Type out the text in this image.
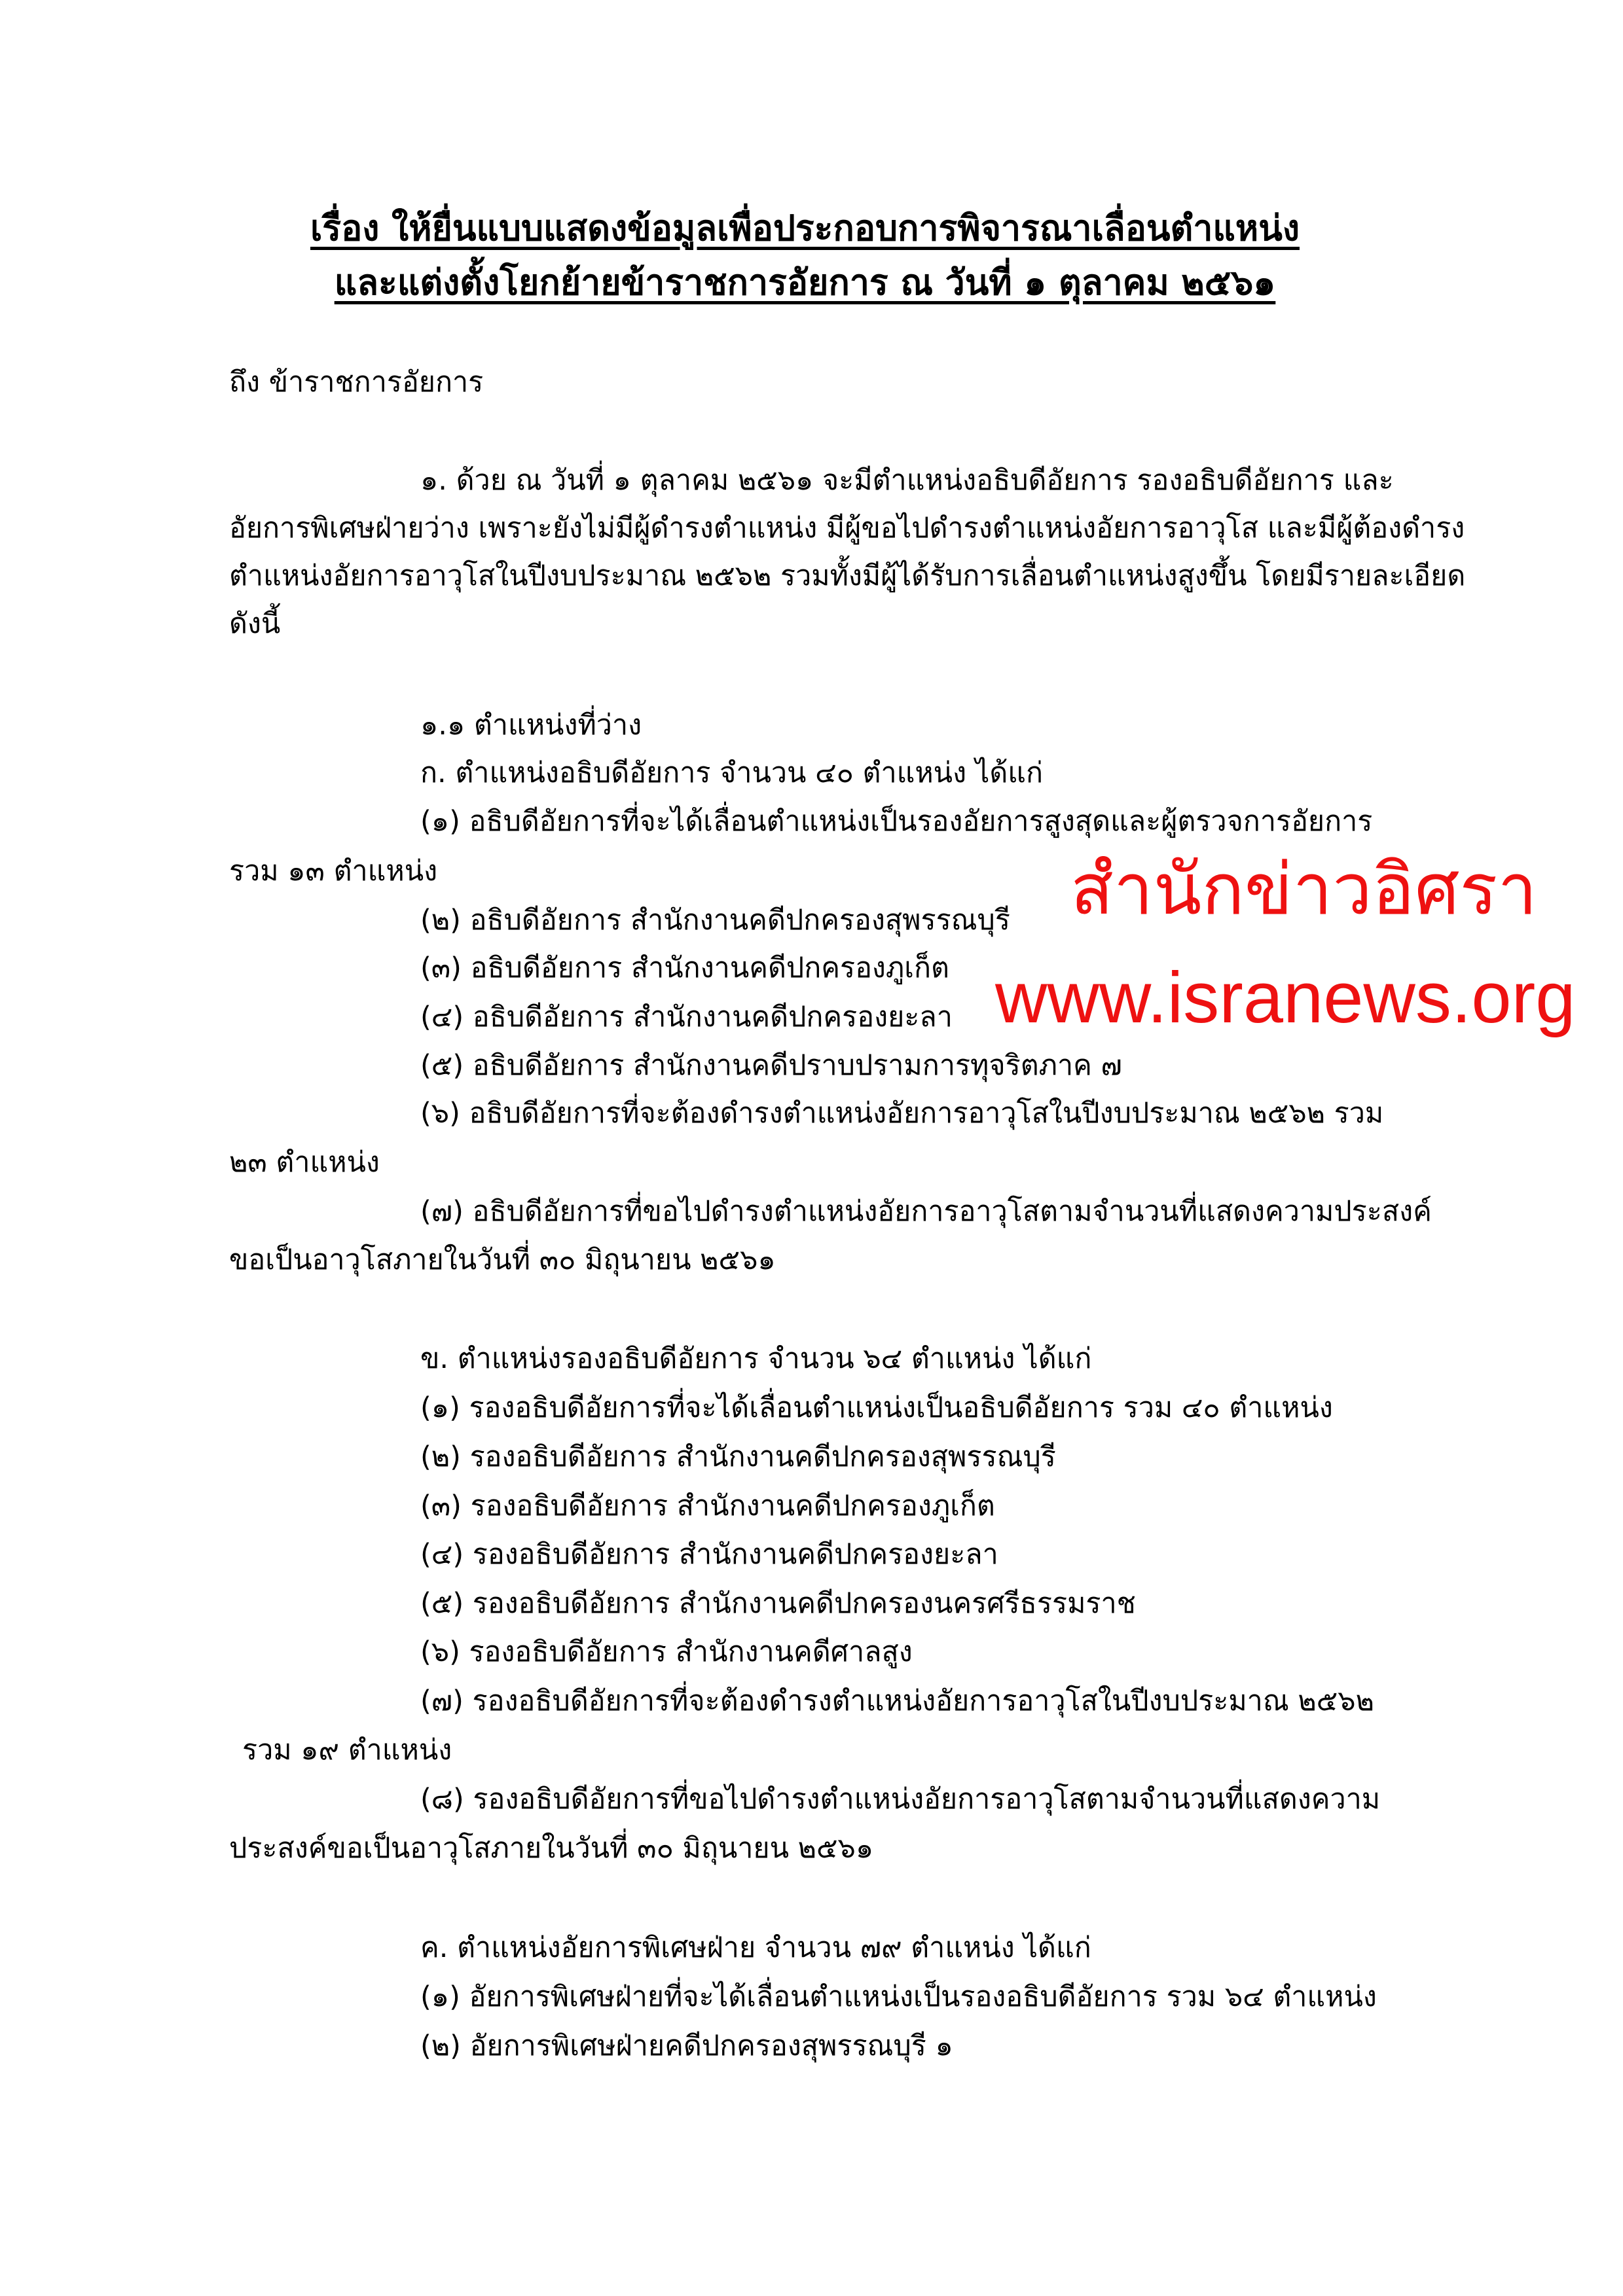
เรื่อง ให้ยื่นแบบแสดงข้อมูลเพื่อประกอบการพิจารณาเลื่อนตำแหน่ง
และแต่งตั้งโยกย้ายข้าราชการอัยการ ณ วันที่ ๑ ตุลาคม ๒๕๖๑
ถึง ข้าราชการอัยการ
๑. ด้วย ณ วันที่ ๑ ตุลาคม ๒๕๖๑ จะมีตำแหน่งอธิบดีอัยการ รองอธิบดีอัยการ และ
อัยการพิเศษฝ่ายว่าง เพราะยังไม่มีผู้ดำรงตำแหน่ง มีผู้ขอไปดำรงตำแหน่งอัยการอาวุโส และมีผู้ต้องดำรง
ตำแหน่งอัยการอาวุโสในปีงบประมาณ ๒๕๖๒ รวมทั้งมีผู้ได้รับการเลื่อนตำแหน่งสูงขึ้น โดยมีรายละเอียด
ดังนี้
๑.๑ ตำแหน่งที่ว่าง
ก. ตำแหน่งอธิบดีอัยการ จำนวน ๔๐ ตำแหน่ง ได้แก่
(๑) อธิบดีอัยการที่จะได้เลื่อนตำแหน่งเป็นรองอัยการสูงสุดและผู้ตรวจการอัยการ
รวม ๑๓ ตำแหน่ง
(๒) อธิบดีอัยการ สำนักงานคดีปกครองสุพรรณบุรี
(๓) อธิบดีอัยการ สำนักงานคดีปกครองภูเก็ต
(๔) อธิบดีอัยการ สำนักงานคดีปกครองยะลา
(๕) อธิบดีอัยการ สำนักงานคดีปราบปรามการทุจริตภาค ๗
(๖) อธิบดีอัยการที่จะต้องดำรงตำแหน่งอัยการอาวุโสในปีงบประมาณ ๒๕๖๒ รวม
๒๓ ตำแหน่ง
(๗) อธิบดีอัยการที่ขอไปดำรงตำแหน่งอัยการอาวุโสตามจำนวนที่แสดงความประสงค์
ขอเป็นอาวุโสภายในวันที่ ๓๐ มิถุนายน ๒๕๖๑
ข. ตำแหน่งรองอธิบดีอัยการ จำนวน ๖๔ ตำแหน่ง ได้แก่
(๑) รองอธิบดีอัยการที่จะได้เลื่อนตำแหน่งเป็นอธิบดีอัยการ รวม ๔๐ ตำแหน่ง
(๒) รองอธิบดีอัยการ สำนักงานคดีปกครองสุพรรณบุรี
(๓) รองอธิบดีอัยการ สำนักงานคดีปกครองภูเก็ต
(๔) รองอธิบดีอัยการ สำนักงานคดีปกครองยะลา
(๕) รองอธิบดีอัยการ สำนักงานคดีปกครองนครศรีธรรมราช
(๖) รองอธิบดีอัยการ สำนักงานคดีศาลสูง
(๗) รองอธิบดีอัยการที่จะต้องดำรงตำแหน่งอัยการอาวุโสในปีงบประมาณ ๒๕๖๒
รวม ๑๙ ตำแหน่ง
(๘) รองอธิบดีอัยการที่ขอไปดำรงตำแหน่งอัยการอาวุโสตามจำนวนที่แสดงความ
ประสงค์ขอเป็นอาวุโสภายในวันที่ ๓๐ มิถุนายน ๒๕๖๑
ค. ตำแหน่งอัยการพิเศษฝ่าย จำนวน ๗๙ ตำแหน่ง ได้แก่
(๑) อัยการพิเศษฝ่ายที่จะได้เลื่อนตำแหน่งเป็นรองอธิบดีอัยการ รวม ๖๔ ตำแหน่ง
(๒) อัยการพิเศษฝ่ายคดีปกครองสุพรรณบุรี ๑
สำนักข่าวอิศรา
www.isranews.org
